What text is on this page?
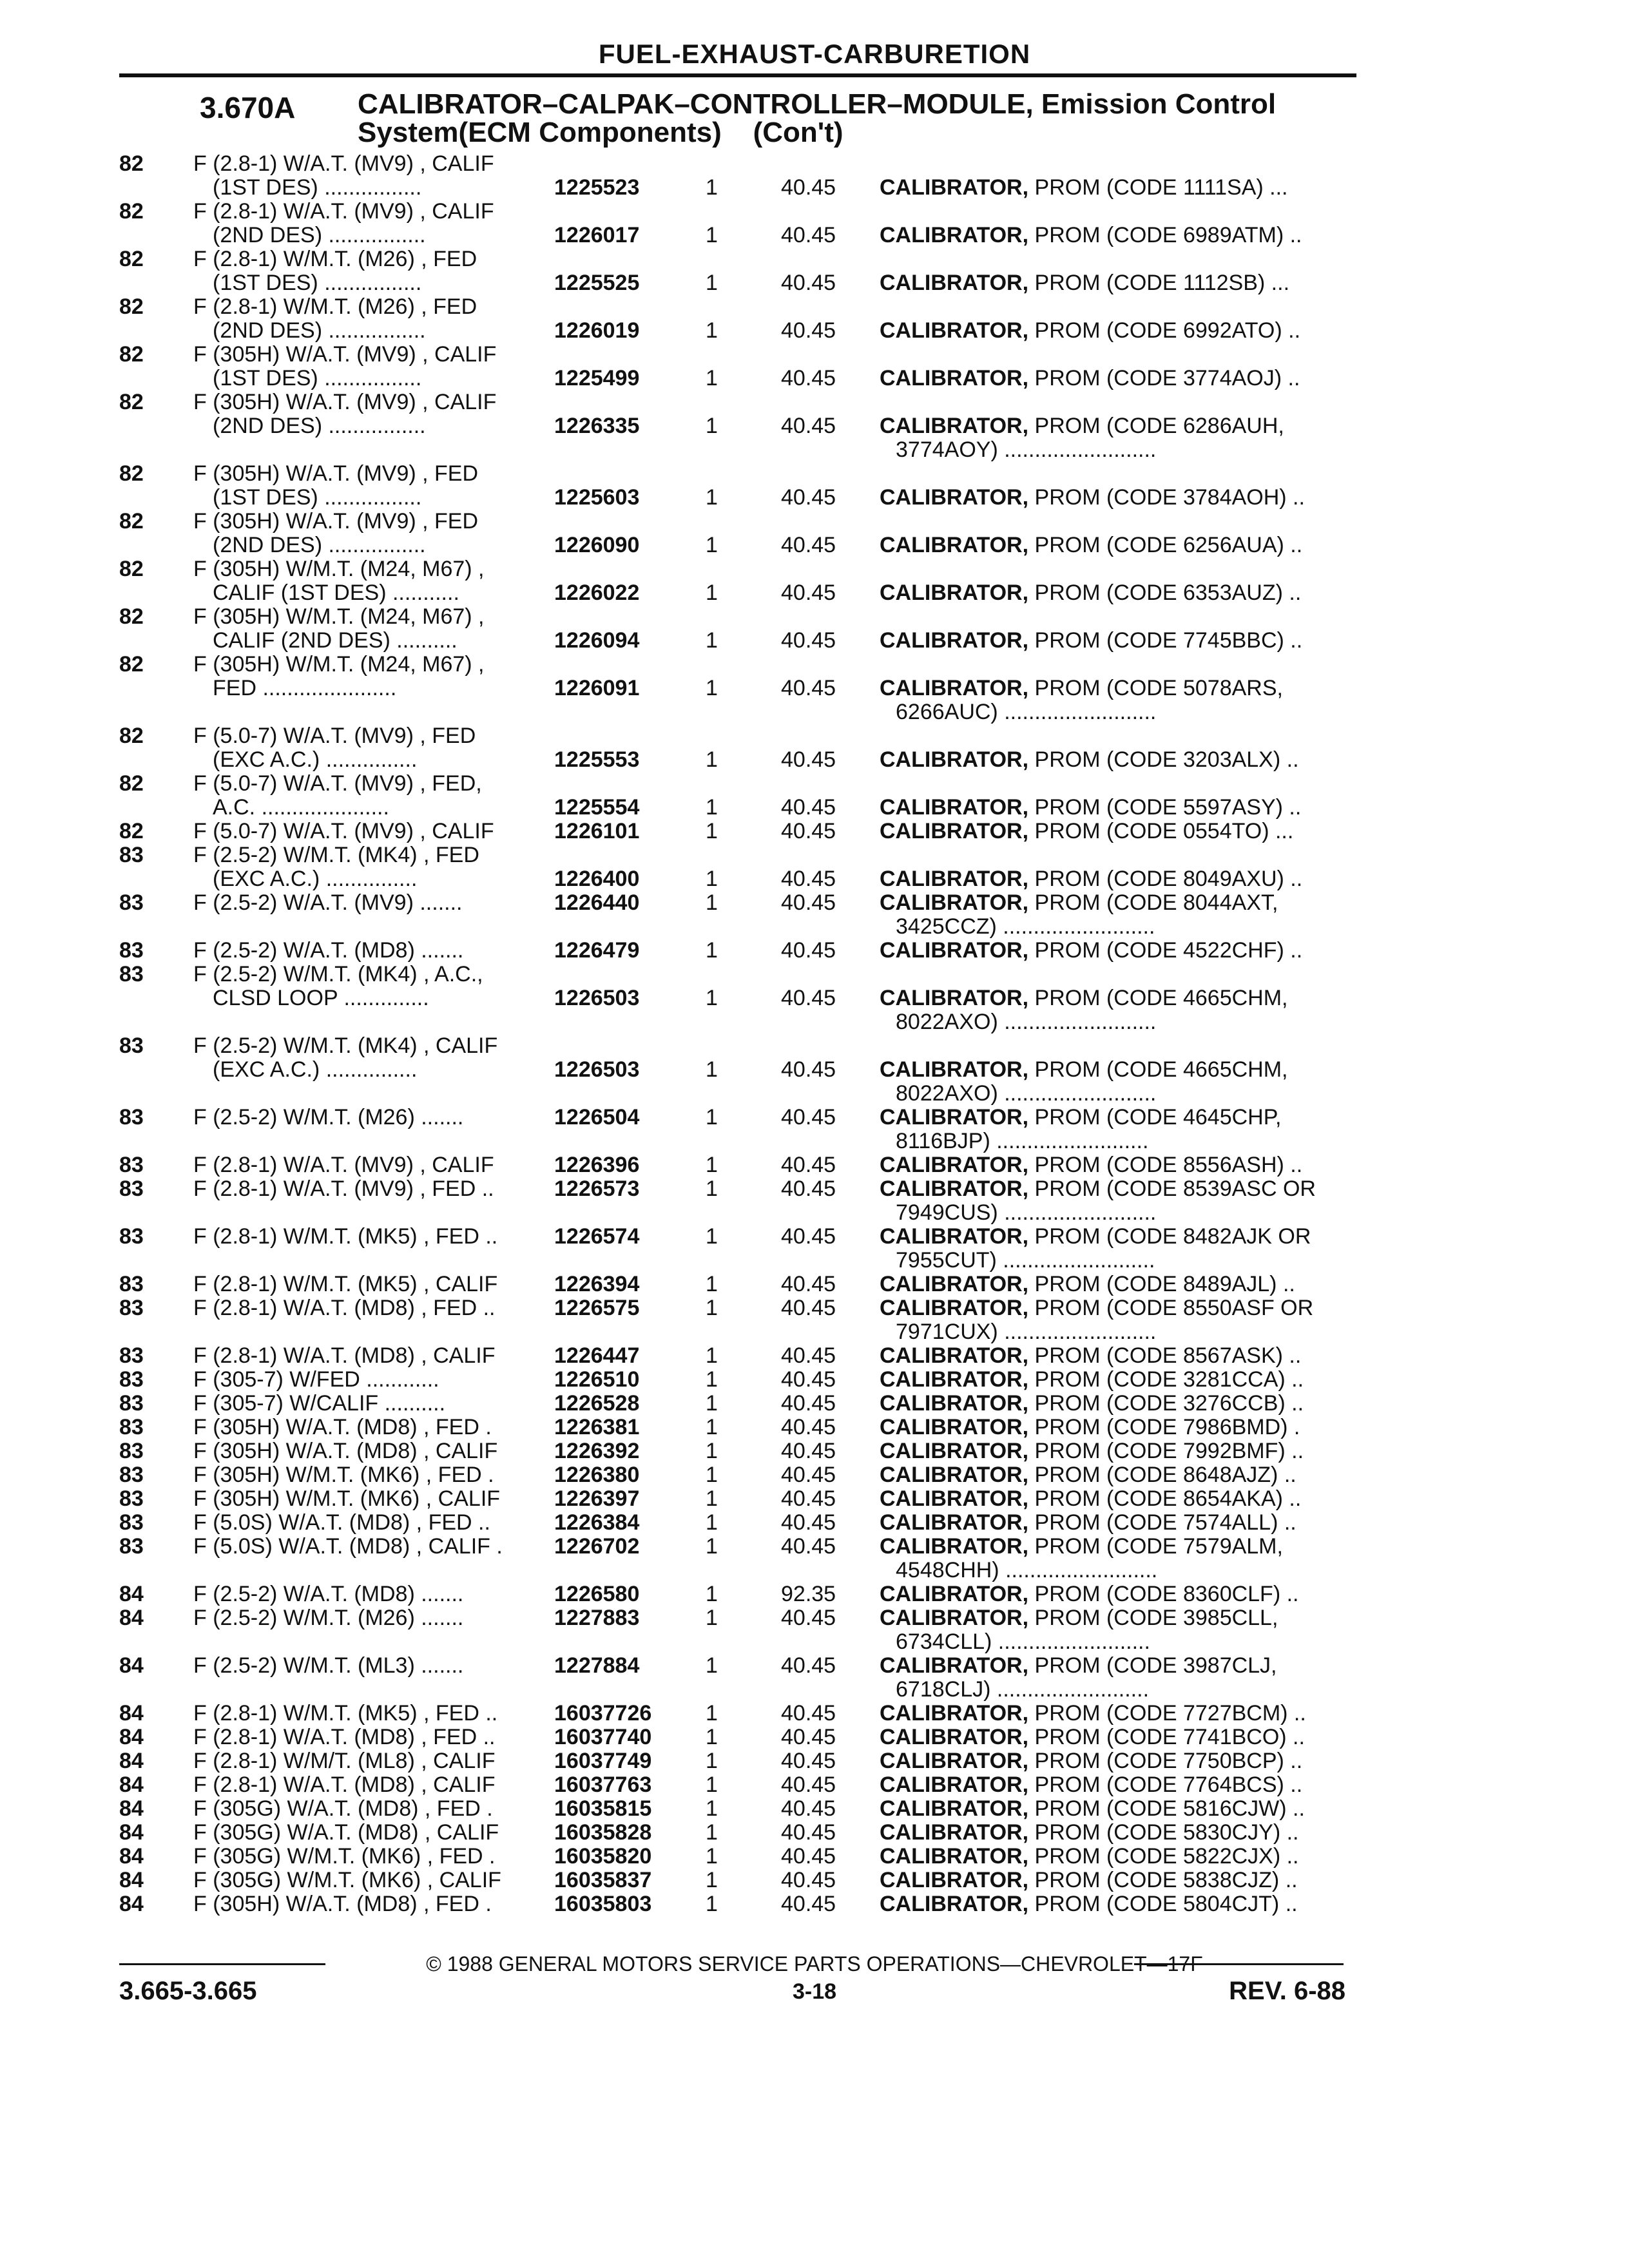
FUEL-EXHAUST-CARBURETION
3.670A CALIBRATOR–CALPAK–CONTROLLER–MODULE, Emission Control
System(ECM Components)    (Con't)
82	F (2.8-1) W/A.T. (MV9) , CALIF
(1ST DES) ................	1225523	1	40.45 CALIBRATOR, PROM (CODE 1111SA) ...
82	F (2.8-1) W/A.T. (MV9) , CALIF
(2ND DES) ................	1226017	1	40.45 CALIBRATOR, PROM (CODE 6989ATM) ..
82	F (2.8-1) W/M.T. (M26) , FED
(1ST DES) ................	1225525	1	40.45 CALIBRATOR, PROM (CODE 1112SB) ...
82	F (2.8-1) W/M.T. (M26) , FED
(2ND DES) ................	1226019	1	40.45 CALIBRATOR, PROM (CODE 6992ATO) ..
82	F (305H) W/A.T. (MV9) , CALIF
(1ST DES) ................	1225499	1	40.45 CALIBRATOR, PROM (CODE 3774AOJ) ..
82	F (305H) W/A.T. (MV9) , CALIF
(2ND DES) ................	1226335	1	40.45 CALIBRATOR, PROM (CODE 6286AUH,
3774AOY) .........................
82	F (305H) W/A.T. (MV9) , FED
(1ST DES) ................	1225603	1	40.45 CALIBRATOR, PROM (CODE 3784AOH) ..
82	F (305H) W/A.T. (MV9) , FED
(2ND DES) ................	1226090	1	40.45 CALIBRATOR, PROM (CODE 6256AUA) ..
82	F (305H) W/M.T. (M24, M67) ,
CALIF (1ST DES) ...........	1226022	1	40.45 CALIBRATOR, PROM (CODE 6353AUZ) ..
82	F (305H) W/M.T. (M24, M67) ,
CALIF (2ND DES) ..........	1226094	1	40.45 CALIBRATOR, PROM (CODE 7745BBC) ..
82	F (305H) W/M.T. (M24, M67) ,
FED ......................	1226091	1	40.45 CALIBRATOR, PROM (CODE 5078ARS,
6266AUC) .........................
82	F (5.0-7) W/A.T. (MV9) , FED
(EXC A.C.) ...............	1225553	1	40.45 CALIBRATOR, PROM (CODE 3203ALX) ..
82	F (5.0-7) W/A.T. (MV9) , FED,
A.C. .....................	1225554	1	40.45 CALIBRATOR, PROM (CODE 5597ASY) ..
82	F (5.0-7) W/A.T. (MV9) , CALIF	1226101	1	40.45 CALIBRATOR, PROM (CODE 0554TO) ...
83	F (2.5-2) W/M.T. (MK4) , FED
(EXC A.C.) ...............	1226400	1	40.45 CALIBRATOR, PROM (CODE 8049AXU) ..
83	F (2.5-2) W/A.T. (MV9) .......	1226440	1	40.45 CALIBRATOR, PROM (CODE 8044AXT,
3425CCZ) .........................
83	F (2.5-2) W/A.T. (MD8) .......	1226479	1	40.45 CALIBRATOR, PROM (CODE 4522CHF) ..
83	F (2.5-2) W/M.T. (MK4) , A.C.,
CLSD LOOP ..............	1226503	1	40.45 CALIBRATOR, PROM (CODE 4665CHM,
8022AXO) .........................
83	F (2.5-2) W/M.T. (MK4) , CALIF
(EXC A.C.) ...............	1226503	1	40.45 CALIBRATOR, PROM (CODE 4665CHM,
8022AXO) .........................
83	F (2.5-2) W/M.T. (M26) .......	1226504	1	40.45 CALIBRATOR, PROM (CODE 4645CHP,
8116BJP) .........................
83	F (2.8-1) W/A.T. (MV9) , CALIF	1226396	1	40.45 CALIBRATOR, PROM (CODE 8556ASH) ..
83	F (2.8-1) W/A.T. (MV9) , FED ..	1226573	1	40.45 CALIBRATOR, PROM (CODE 8539ASC OR
7949CUS) .........................
83	F (2.8-1) W/M.T. (MK5) , FED ..	1226574	1	40.45 CALIBRATOR, PROM (CODE 8482AJK OR
7955CUT) .........................
83	F (2.8-1) W/M.T. (MK5) , CALIF	1226394	1	40.45 CALIBRATOR, PROM (CODE 8489AJL) ..
83	F (2.8-1) W/A.T. (MD8) , FED ..	1226575	1	40.45 CALIBRATOR, PROM (CODE 8550ASF OR
7971CUX) .........................
83	F (2.8-1) W/A.T. (MD8) , CALIF	1226447	1	40.45 CALIBRATOR, PROM (CODE 8567ASK) ..
83	F (305-7) W/FED ............	1226510	1	40.45 CALIBRATOR, PROM (CODE 3281CCA) ..
83	F (305-7) W/CALIF ..........	1226528	1	40.45 CALIBRATOR, PROM (CODE 3276CCB) ..
83	F (305H) W/A.T. (MD8) , FED .	1226381	1	40.45 CALIBRATOR, PROM (CODE 7986BMD) .
83	F (305H) W/A.T. (MD8) , CALIF	1226392	1	40.45 CALIBRATOR, PROM (CODE 7992BMF) ..
83	F (305H) W/M.T. (MK6) , FED .	1226380	1	40.45 CALIBRATOR, PROM (CODE 8648AJZ) ..
83	F (305H) W/M.T. (MK6) , CALIF	1226397	1	40.45 CALIBRATOR, PROM (CODE 8654AKA) ..
83	F (5.0S) W/A.T. (MD8) , FED ..	1226384	1	40.45 CALIBRATOR, PROM (CODE 7574ALL) ..
83	F (5.0S) W/A.T. (MD8) , CALIF .	1226702	1	40.45 CALIBRATOR, PROM (CODE 7579ALM,
4548CHH) .........................
84	F (2.5-2) W/A.T. (MD8) .......	1226580	1	92.35 CALIBRATOR, PROM (CODE 8360CLF) ..
84	F (2.5-2) W/M.T. (M26) .......	1227883	1	40.45 CALIBRATOR, PROM (CODE 3985CLL,
6734CLL) .........................
84	F (2.5-2) W/M.T. (ML3) .......	1227884	1	40.45 CALIBRATOR, PROM (CODE 3987CLJ,
6718CLJ) .........................
84	F (2.8-1) W/M.T. (MK5) , FED ..	16037726 1	40.45 CALIBRATOR, PROM (CODE 7727BCM) ..
84	F (2.8-1) W/A.T. (MD8) , FED ..	16037740 1	40.45 CALIBRATOR, PROM (CODE 7741BCO) ..
84	F (2.8-1) W/M/T. (ML8) , CALIF	16037749 1	40.45 CALIBRATOR, PROM (CODE 7750BCP) ..
84	F (2.8-1) W/A.T. (MD8) , CALIF	16037763 1	40.45 CALIBRATOR, PROM (CODE 7764BCS) ..
84	F (305G) W/A.T. (MD8) , FED .	16035815 1	40.45 CALIBRATOR, PROM (CODE 5816CJW) ..
84	F (305G) W/A.T. (MD8) , CALIF	16035828 1	40.45 CALIBRATOR, PROM (CODE 5830CJY) ..
84	F (305G) W/M.T. (MK6) , FED .	16035820 1	40.45 CALIBRATOR, PROM (CODE 5822CJX) ..
84	F (305G) W/M.T. (MK6) , CALIF	16035837 1	40.45 CALIBRATOR, PROM (CODE 5838CJZ) ..
84	F (305H) W/A.T. (MD8) , FED .	16035803 1	40.45 CALIBRATOR, PROM (CODE 5804CJT) ..
© 1988 GENERAL MOTORS SERVICE PARTS OPERATIONS—CHEVROLET—17F
3.665-3.665	3-18	REV. 6-88
